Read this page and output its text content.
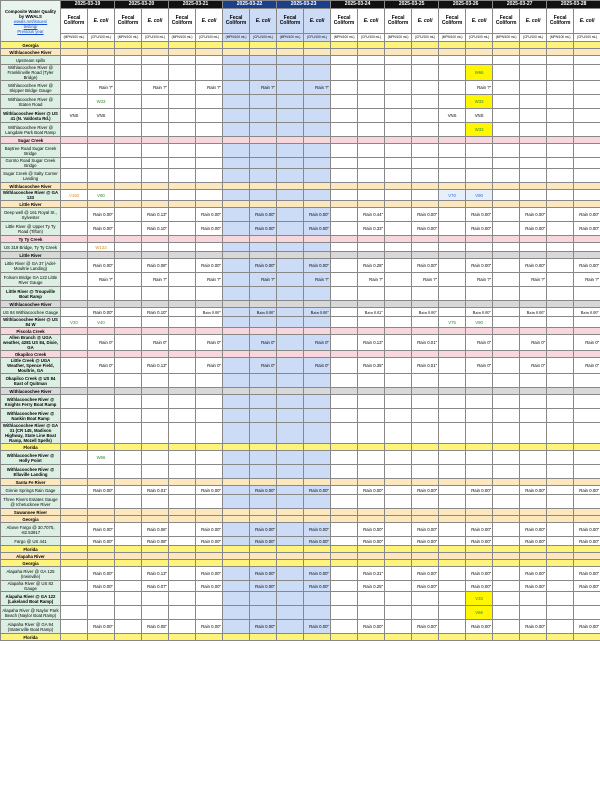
Composite Water Quality
by WWALS
wwals.net/issues/
testing/
Previous year	2025-03-19		2025-03-20		2025-03-21		2025-03-22		2025-03-23		2025-03-24		2025-03-25		2025-03-26		2025-03-27		2025-03-28	
	Fecal Coliform	E. coli	Fecal Coliform	E. coli	Fecal Coliform	E. coli	Fecal Coliform	E. coli	Fecal Coliform	E. coli	Fecal Coliform	E. coli	Fecal Coliform	E. coli	Fecal Coliform	E. coli	Fecal Coliform	E. coli	Fecal Coliform	E. coli
	(MPN/100 mL)	(CFU/100 mL)	(MPN/100 mL)	(CFU/100 mL)	(MPN/100 mL)	(CFU/100 mL)	(MPN/100 mL)	(CFU/100 mL)	(MPN/100 mL)	(CFU/100 mL)	(MPN/100 mL)	(CFU/100 mL)	(MPN/100 mL)	(CFU/100 mL)	(MPN/100 mL)	(CFU/100 mL)	(MPN/100 mL)	(CFU/100 mL)	(MPN/100 mL)	(CFU/100 mL)
Georgia																				
Withlacoochee River																				
Upstream spills																				
Withlacoochee River @ Franklinville Road (Tyler Bridge)																W66				
Withlacoochee River @ Skipper Bridge Gauge		Rain ?"		Rain ?"		Rain ?"		Rain ?"		Rain ?"						Rain ?"				
Withlacoochee River @ Staten Road		W33														W33				
Withlacoochee River @ US 41 (N. Valdosta Rd.)	VNS	VNS													VNS	VNS				
Withlacoochee River @ Langdale Park Boat Ramp																W33				
Sugar Creek																				
Baytree Road Sugar Creek Bridge																				
Gornto Road Sugar Creek Bridge																				
Sugar Creek @ Salty Corner Landing																				
Withlacoochee River																				
Withlacoochee River @ GA 133	V160	V60													V70	V90				
Little River																				
Deep well @ 161 Royal St., Sylvester		Rain 0.00"		Rain 0.13"		Rain 0.00"		Rain 0.00"		Rain 0.00"		Rain 0.44"		Rain 0.00"		Rain 0.00"		Rain 0.00"		Rain 0.00"
Little River @ Upper Ty Ty Road (Tifton)		Rain 0.00"		Rain 0.10"		Rain 0.00"		Rain 0.00"		Rain 0.00"		Rain 0.33"		Rain 0.00"		Rain 0.00"		Rain 0.00"		Rain 0.00"
Ty Ty Creek																				
US 319 Bridge, Ty Ty Creek		W133																		
Little River																				
Little River @ GA 37 (Adel-Moultrie Landing)		Rain 0.00"		Rain 0.08"		Rain 0.00"		Rain 0.00"		Rain 0.00"		Rain 0.28"		Rain 0.00"		Rain 0.00"		Rain 0.00"		Rain 0.00"
Folsom Bridge GA 122 Little River Gauge		Rain ?"		Rain ?"		Rain ?"		Rain ?"		Rain ?"		Rain ?"		Rain ?"		Rain ?"		Rain ?"		Rain ?"
Little River @ Troupville Boat Ramp																				
Withlacoochee River																				
US 84 Withlacoochee Gauge		Rain 0.00"		Rain 0.10"		Rain 0.00"		Rain 0.00"		Rain 0.00"		Rain 0.02"		Rain 0.00"		Rain 0.00"		Rain 0.00"		Rain 0.00"
Withlacoochee River @ US 84 W	V20	V40													V75	V90				
Piscola Creek																				
Allen Branch @ UGA weather, 4281 US 84, Dixie, GA		Rain 0"		Rain 0"		Rain 0"		Rain 0"		Rain 0"		Rain 0.13"		Rain 0.01"		Rain 0"		Rain 0"		Rain 0"
Okapilco Creek																				
Little Creek @ UGA Weather, Spence Field, Moultrie, GA		Rain 0"		Rain 0.13"		Rain 0"		Rain 0"		Rain 0"		Rain 0.35"		Rain 0.01"		Rain 0"		Rain 0"		Rain 0"
Okapilco Creek @ US 84 East of Quitman																				
Withlacoochee River																				
Withlacoochee River @ Knights Ferry Boat Ramp																				
Withlacoochee River @ Nankin Boat Ramp																				
Withlacoochee River @ GA 31 (CR 145, Madison Highway, State Line Boat Ramp, Mozell Spells)																				
Florida																				
Withlacoochee River @ Holly Point		W66																		
Withlacoochee River @ Ellaville Landing																				
Santa Fe River																				
Ginnie Springs Rain Gage		Rain 0.00"		Rain 0.01"		Rain 0.00"		Rain 0.00"		Rain 0.00"		Rain 0.00"		Rain 0.00"		Rain 0.00"		Rain 0.00"		Rain 0.00"
Three Rivers Estates Gauge @ Ichetucknee River																				
Suwannee River																				
Georgia																				
Above Fargo @ 30.7075, -82.53917		Rain 0.00"		Rain 0.06"		Rain 0.00"		Rain 0.00"		Rain 0.00"		Rain 0.00"		Rain 0.00"		Rain 0.00"		Rain 0.00"		Rain 0.00"
Fargo @ US 441		Rain 0.00"		Rain 0.08"		Rain 0.00"		Rain 0.00"		Rain 0.00"		Rain 0.00"		Rain 0.00"		Rain 0.00"		Rain 0.00"		Rain 0.00"
Florida																				
Alapaha River																				
Georgia																				
Alapaha River @ GA 125 (Irwinville)		Rain 0.00"		Rain 0.13"		Rain 0.00"		Rain 0.00"		Rain 0.00"		Rain 0.31"		Rain 0.00"		Rain 0.00"		Rain 0.00"		Rain 0.00"
Alapaha River @ US 82 Gauge		Rain 0.00"		Rain 0.07"		Rain 0.00"		Rain 0.00"		Rain 0.00"		Rain 0.25"		Rain 0.00"		Rain 0.00"		Rain 0.00"		Rain 0.00"
Alapaha River @ GA 122 (Lakeland Boat Ramp)																V33				
Alapaha River @ Naylor Park Beach (Naylor Boat Ramp)																V66				
Alapaha River @ GA 94 (Statenville Boat Ramp)		Rain 0.00"		Rain 0.05"		Rain 0.00"		Rain 0.00"		Rain 0.00"		Rain 0.00"		Rain 0.00"		Rain 0.00"		Rain 0.00"		Rain 0.00"
Florida																				
